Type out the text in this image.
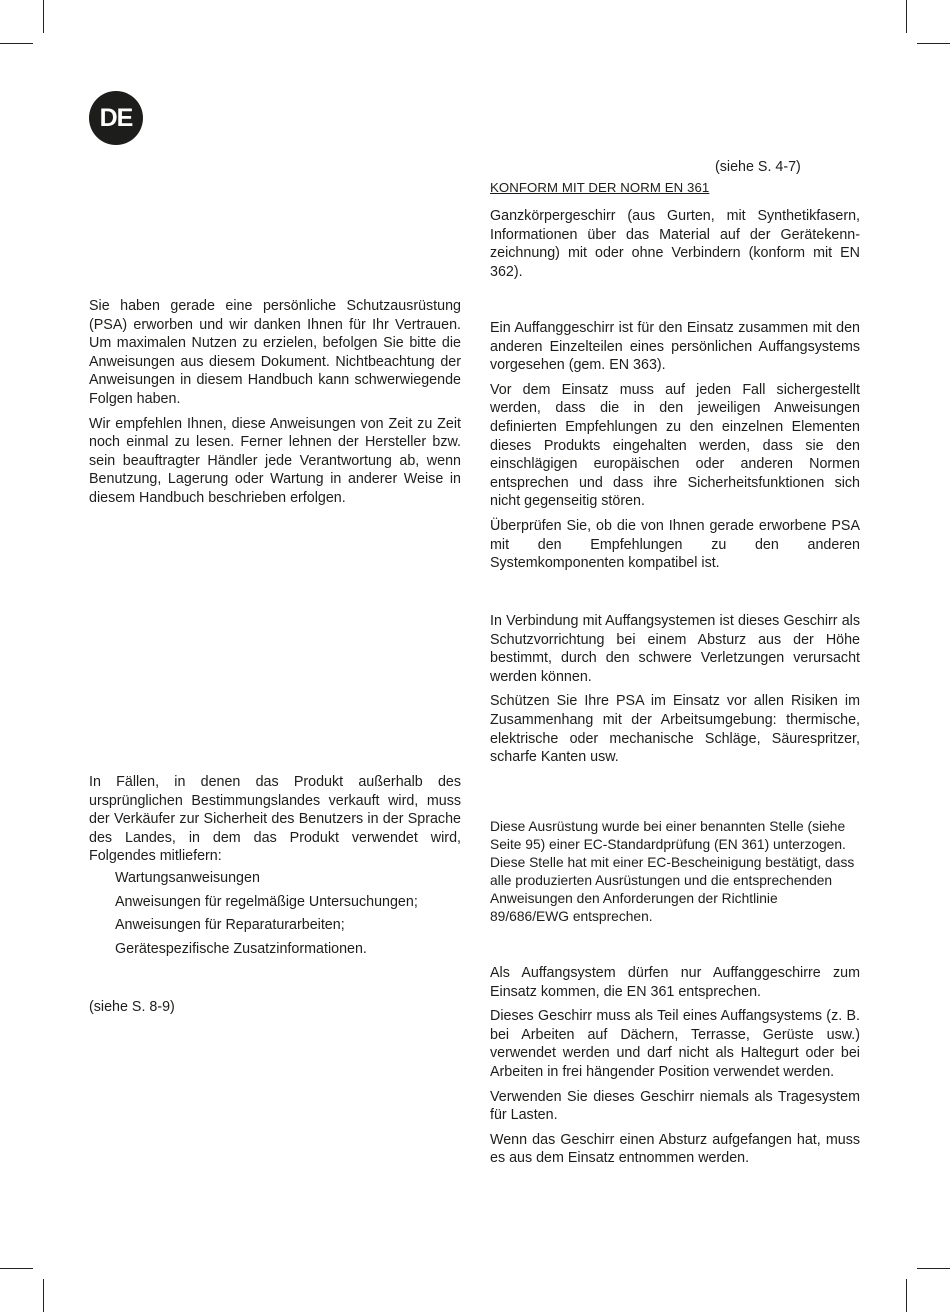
DE
(siehe S. 4-7)
KONFORM MIT DER NORM EN 361

Sie haben gerade eine persönliche Schutzausrüstung (PSA) erworben und wir danken Ihnen für Ihr Vertrauen. Um maximalen Nutzen zu erzielen, befolgen Sie bitte die Anweisungen aus diesem Dokument. Nichtbeachtung der Anweisungen in diesem Handbuch kann schwerwiegende Folgen haben.

Wir empfehlen Ihnen, diese Anweisungen von Zeit zu Zeit noch einmal zu lesen. Ferner lehnen der Hersteller bzw. sein beauftragter Händler jede Verantwortung ab, wenn Benutzung, Lagerung oder Wartung in anderer Weise in diesem Handbuch beschrieben erfolgen.

In Fällen, in denen das Produkt außerhalb des ursprünglichen Bestimmungslandes verkauft wird, muss der Verkäufer zur Sicherheit des Benutzers in der Sprache des Landes, in dem das Produkt verwendet wird, Folgendes mitliefern:

Wartungsanweisungen
Anweisungen für regelmäßige Untersuchungen;
Anweisungen für Reparaturarbeiten;
Gerätespezifische Zusatzinformationen.
(siehe S. 8-9)

Ganzkörpergeschirr (aus Gurten, mit Synthetikfasern, Informationen über das Material auf der Gerätekenn-zeichnung) mit oder ohne Verbindern (konform mit EN 362).

Ein Auffanggeschirr ist für den Einsatz zusammen mit den anderen Einzelteilen eines persönlichen Auffangsystems vorgesehen (gem. EN 363).

Vor dem Einsatz muss auf jeden Fall sichergestellt werden, dass die in den jeweiligen Anweisungen definierten Empfehlungen zu den einzelnen Elementen dieses Produkts eingehalten werden, dass sie den einschlägigen europäischen oder anderen Normen entsprechen und dass ihre Sicherheitsfunktionen sich nicht gegenseitig stören.

Überprüfen Sie, ob die von Ihnen gerade erworbene PSA mit den Empfehlungen zu den anderen Systemkomponenten kompatibel ist.

In Verbindung mit Auffangsystemen ist dieses Geschirr als Schutzvorrichtung bei einem Absturz aus der Höhe bestimmt, durch den schwere Verletzungen verursacht werden können.

Schützen Sie Ihre PSA im Einsatz vor allen Risiken im Zusammenhang mit der Arbeitsumgebung: thermische, elektrische oder mechanische Schläge, Säurespritzer, scharfe Kanten usw.

Diese Ausrüstung wurde bei einer benannten Stelle (siehe Seite 95) einer EC-Standardprüfung (EN 361) unterzogen. Diese Stelle hat mit einer EC-Bescheinigung bestätigt, dass alle produzierten Ausrüstungen und die entsprechenden Anweisungen den Anforderungen der Richtlinie 89/686/EWG entsprechen.

Als Auffangsystem dürfen nur Auffanggeschirre zum Einsatz kommen, die EN 361 entsprechen.

Dieses Geschirr muss als Teil eines Auffangsystems (z. B. bei Arbeiten auf Dächern, Terrasse, Gerüste usw.) verwendet werden und darf nicht als Haltegurt oder bei Arbeiten in frei hängender Position verwendet werden.

Verwenden Sie dieses Geschirr niemals als Tragesystem für Lasten.

Wenn das Geschirr einen Absturz aufgefangen hat, muss es aus dem Einsatz entnommen werden.
